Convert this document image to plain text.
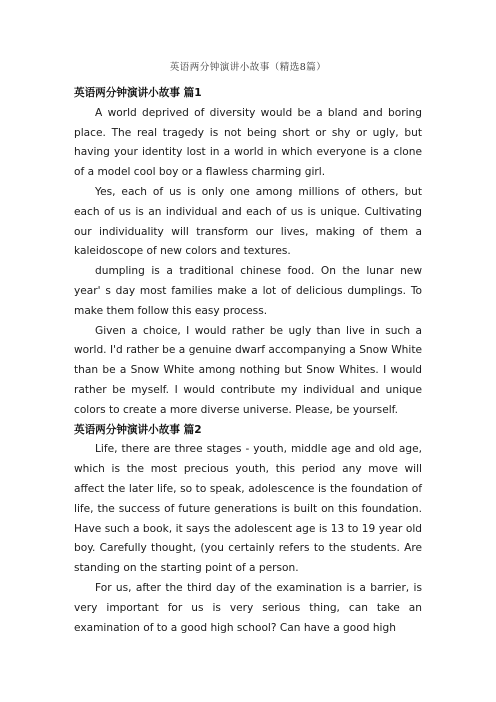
英语两分钟演讲小故事（精选8篇）
英语两分钟演讲小故事 篇1

A world deprived of diversity would be a bland and boring place. The real tragedy is not being short or shy or ugly, but having your identity lost in a world in which everyone is a clone of a model cool boy or a flawless charming girl.

Yes, each of us is only one among millions of others, but each of us is an individual and each of us is unique. Cultivating our individuality will transform our lives, making of them a kaleidoscope of new colors and textures.

dumpling is a traditional chinese food. On the lunar new year' s day most families make a lot of delicious dumplings. To make them follow this easy process.

Given a choice, I would rather be ugly than live in such a world. I'd rather be a genuine dwarf accompanying a Snow White than be a Snow White among nothing but Snow Whites. I would rather be myself. I would contribute my individual and unique colors to create a more diverse universe. Please, be yourself.

英语两分钟演讲小故事 篇2

Life, there are three stages - youth, middle age and old age, which is the most precious youth, this period any move will affect the later life, so to speak, adolescence is the foundation of life, the success of future generations is built on this foundation. Have such a book, it says the adolescent age is 13 to 19 year old boy. Carefully thought, (you certainly refers to the students. Are standing on the starting point of a person.

For us, after the third day of the examination is a barrier, is very important for us is very serious thing, can take an examination of to a good high school? Can have a good high
